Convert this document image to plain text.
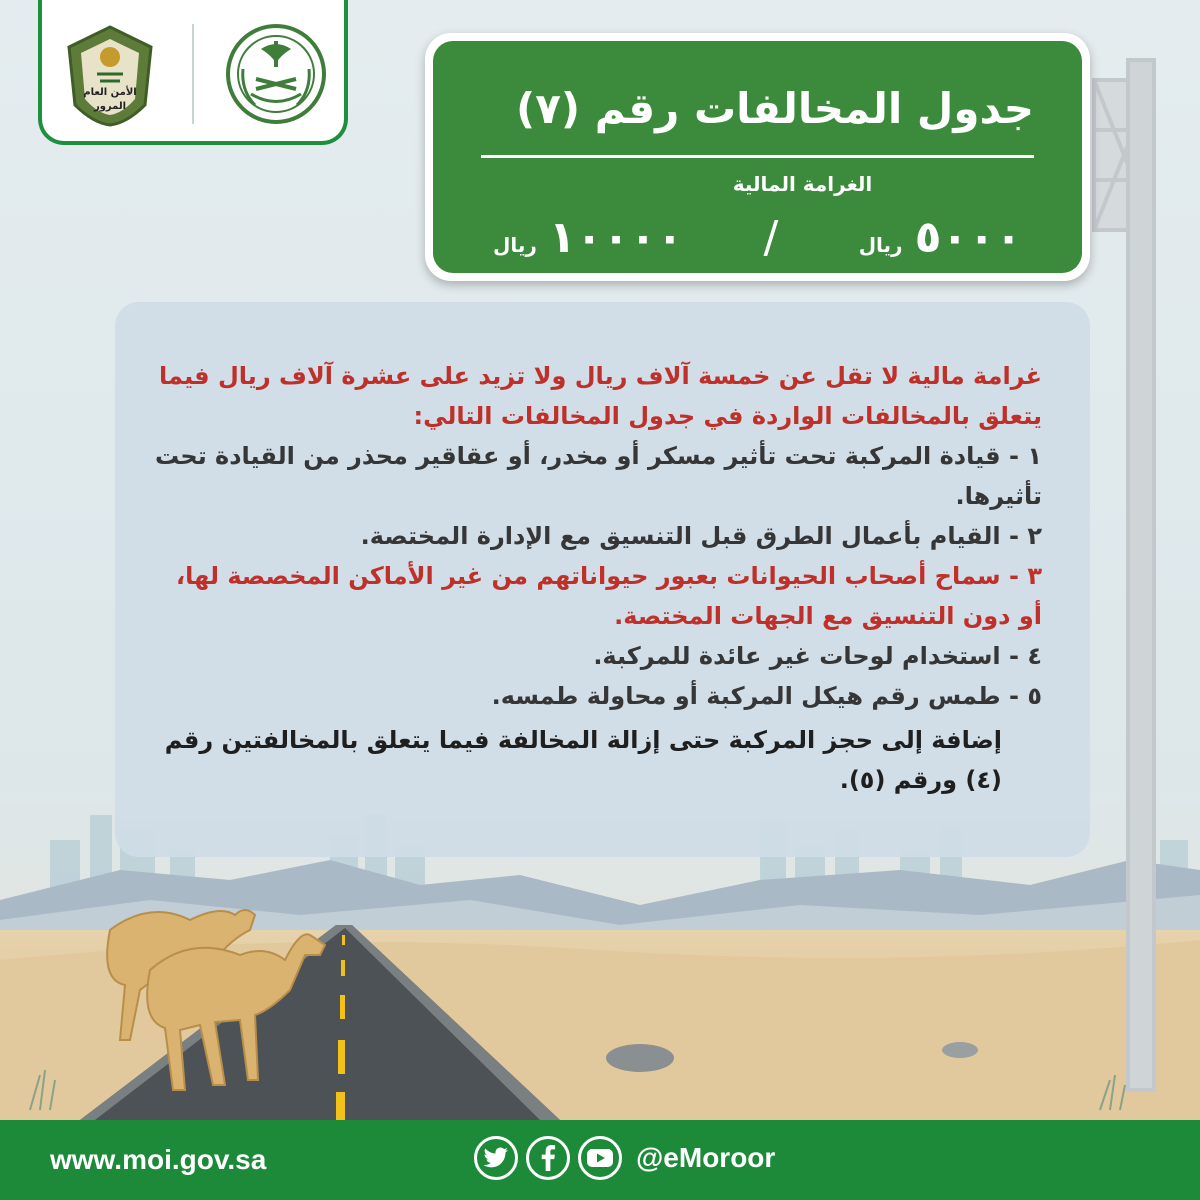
الأمن العام
المرور	جدول المخالفات رقم (٧)
الغرامة المالية
٥٠٠٠
ريال
/
١٠٠٠٠
ريال

غرامة مالية لا تقل عن خمسة آلاف ريال ولا تزيد على عشرة آلاف ريال فيما يتعلق بالمخالفات الواردة في جدول المخالفات التالي:

١ - قيادة المركبة تحت تأثير مسكر أو مخدر، أو عقاقير محذر من القيادة تحت تأثيرها.

٢ - القيام بأعمال الطرق قبل التنسيق مع الإدارة المختصة.

٣ - سماح أصحاب الحيوانات بعبور حيواناتهم من غير الأماكن المخصصة لها، أو دون التنسيق مع الجهات المختصة.

٤ - استخدام لوحات غير عائدة للمركبة.

٥ - طمس رقم هيكل المركبة أو محاولة طمسه.

إضافة إلى حجز المركبة حتى إزالة المخالفة فيما يتعلق بالمخالفتين رقم (٤) ورقم (٥).

www.moi.gov.sa	@eMoroor
